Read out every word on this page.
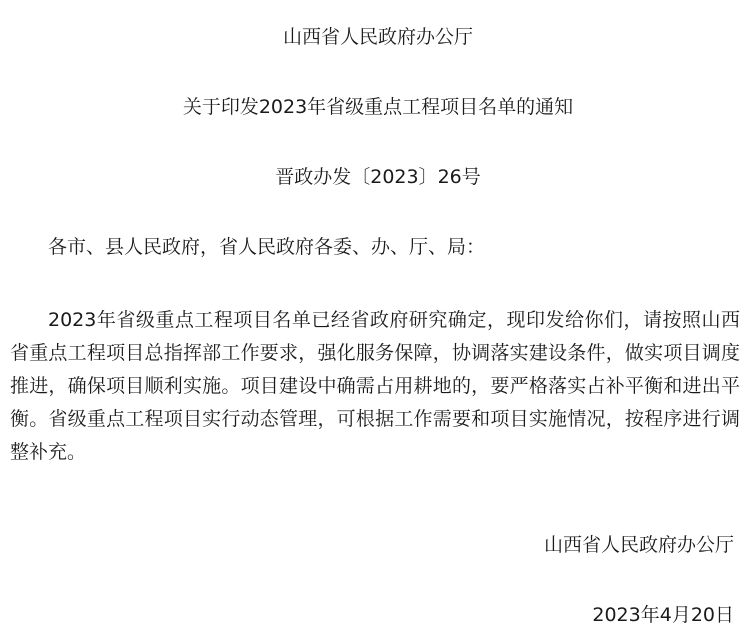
山西省人民政府办公厅
关于印发2023年省级重点工程项目名单的通知
晋政办发〔2023〕26号
各市、县人民政府，省人民政府各委、办、厅、局：

2023年省级重点工程项目名单已经省政府研究确定，现印发给你们，请按照山西省重点工程项目总指挥部工作要求，强化服务保障，协调落实建设条件，做实项目调度推进，确保项目顺利实施。项目建设中确需占用耕地的，要严格落实占补平衡和进出平衡。省级重点工程项目实行动态管理，可根据工作需要和项目实施情况，按程序进行调整补充。

山西省人民政府办公厅
2023年4月20日
